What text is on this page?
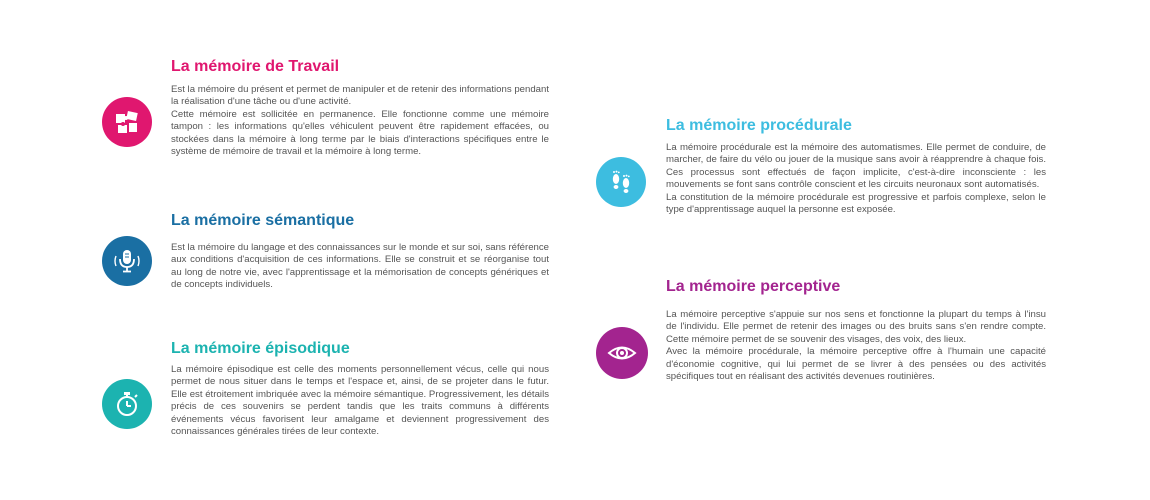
La mémoire de Travail

Est la mémoire du présent et permet de manipuler et de retenir des informations pendant la réalisation d'une tâche ou d'une activité.

Cette mémoire est sollicitée en permanence. Elle fonctionne comme une mémoire tampon : les informations qu'elles véhiculent peuvent être rapidement effacées, ou stockées dans la mémoire à long terme par le biais d'interactions spécifiques entre le système de mémoire de travail et la mémoire à long terme.

La mémoire sémantique

Est la mémoire du langage et des connaissances sur le monde et sur soi, sans référence aux conditions d'acquisition de ces informations. Elle se construit et se réorganise tout au long de notre vie, avec l'apprentissage et la mémorisation de concepts génériques et de concepts individuels.

La mémoire épisodique

La mémoire épisodique est celle des moments personnellement vécus, celle qui nous permet de nous situer dans le temps et l'espace et, ainsi, de se projeter dans le futur. Elle est étroitement imbriquée avec la mémoire sémantique. Progressivement, les détails précis de ces souvenirs se perdent tandis que les traits communs à différents événements vécus favorisent leur amalgame et deviennent progressivement des connaissances générales tirées de leur contexte.

La mémoire procédurale

La mémoire procédurale est la mémoire des automatismes. Elle permet de conduire, de marcher, de faire du vélo ou jouer de la musique sans avoir à réapprendre à chaque fois. Ces processus sont effectués de façon implicite, c'est-à-dire inconsciente : les mouvements se font sans contrôle conscient et les circuits neuronaux sont automatisés.

La constitution de la mémoire procédurale est progressive et parfois complexe, selon le type d'apprentissage auquel la personne est exposée.

La mémoire perceptive

La mémoire perceptive s'appuie sur nos sens et fonctionne la plupart du temps à l'insu de l'individu. Elle permet de retenir des images ou des bruits sans s'en rendre compte. Cette mémoire permet de se souvenir des visages, des voix, des lieux.

Avec la mémoire procédurale, la mémoire perceptive offre à l'humain une capacité d'économie cognitive, qui lui permet de se livrer à des pensées ou des activités spécifiques tout en réalisant des activités devenues routinières.
